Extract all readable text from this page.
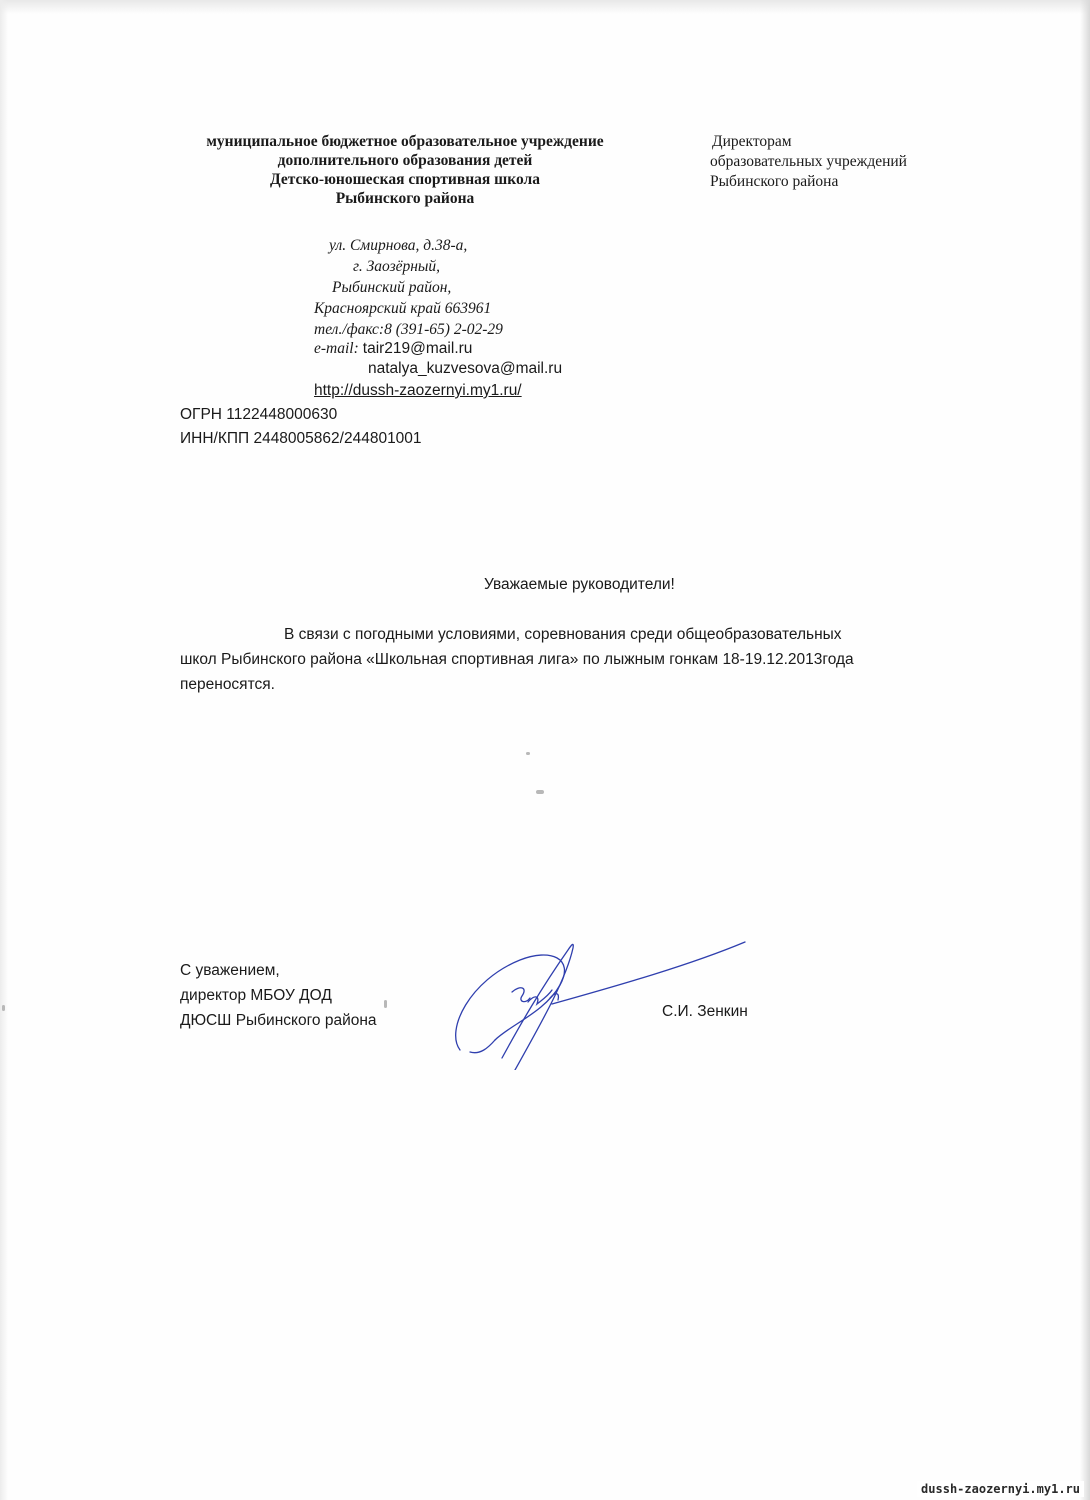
муниципальное бюджетное образовательное учреждение
дополнительного образования детей
Детско-юношеская спортивная школа
Рыбинского района
ул. Смирнова, д.38-а,
г. Заозёрный,
Рыбинский район,
Красноярский край 663961
тел./факс:8 (391-65) 2-02-29
e-mail: tair219@mail.ru
natalya_kuzvesova@mail.ru
http://dussh-zaozernyi.my1.ru/
ОГРН 1122448000630
ИНН/КПП 2448005862/244801001
Директорам
образовательных учреждений
Рыбинского района
Уважаемые руководители!
В связи с погодными условиями, соревнования среди общеобразовательных
школ Рыбинского района «Школьная спортивная лига» по лыжным гонкам 18-19.12.2013года
переносятся.
С уважением,
директор МБОУ ДОД
ДЮСШ Рыбинского района
С.И. Зенкин
dussh-zaozernyi.my1.ru
